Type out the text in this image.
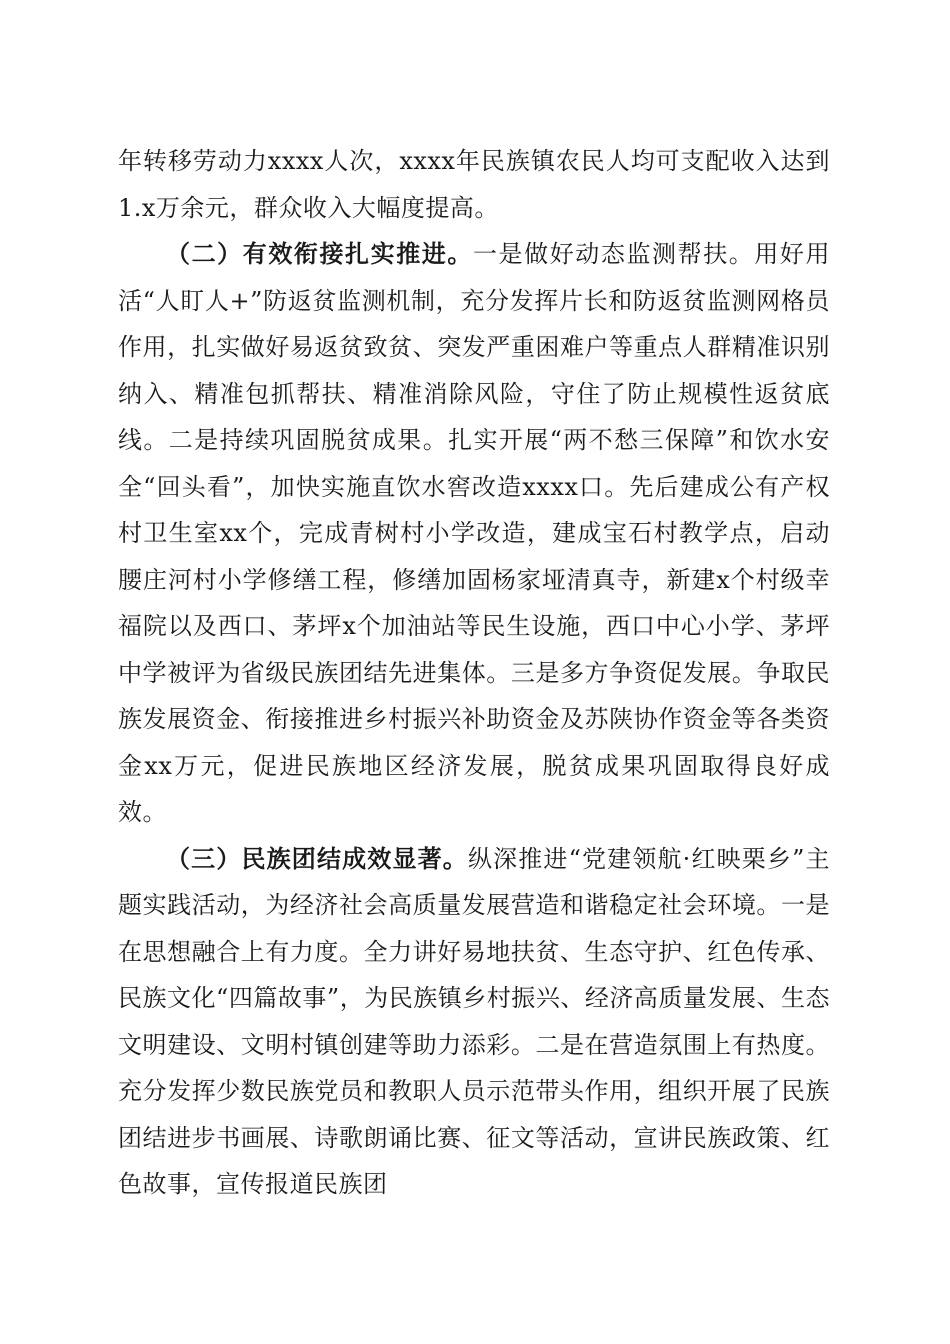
年转移劳动力xxxx人次，xxxx年民族镇农民人均可支配收入达到1.x万余元，群众收入大幅度提高。

（二）有效衔接扎实推进。一是做好动态监测帮扶。用好用活“人盯人+”防返贫监测机制，充分发挥片长和防返贫监测网格员作用，扎实做好易返贫致贫、突发严重困难户等重点人群精准识别纳入、精准包抓帮扶、精准消除风险，守住了防止规模性返贫底线。二是持续巩固脱贫成果。扎实开展“两不愁三保障”和饮水安全“回头看”，加快实施直饮水窖改造xxxx口。先后建成公有产权村卫生室xx个，完成青树村小学改造，建成宝石村教学点，启动腰庄河村小学修缮工程，修缮加固杨家垭清真寺，新建x个村级幸福院以及西口、茅坪x个加油站等民生设施，西口中心小学、茅坪中学被评为省级民族团结先进集体。三是多方争资促发展。争取民族发展资金、衔接推进乡村振兴补助资金及苏陕协作资金等各类资金xx万元，促进民族地区经济发展，脱贫成果巩固取得良好成效。

（三）民族团结成效显著。纵深推进“党建领航·红映栗乡”主题实践活动，为经济社会高质量发展营造和谐稳定社会环境。一是在思想融合上有力度。全力讲好易地扶贫、生态守护、红色传承、民族文化“四篇故事”，为民族镇乡村振兴、经济高质量发展、生态文明建设、文明村镇创建等助力添彩。二是在营造氛围上有热度。充分发挥少数民族党员和教职人员示范带头作用，组织开展了民族团结进步书画展、诗歌朗诵比赛、征文等活动，宣讲民族政策、红色故事，宣传报道民族团
